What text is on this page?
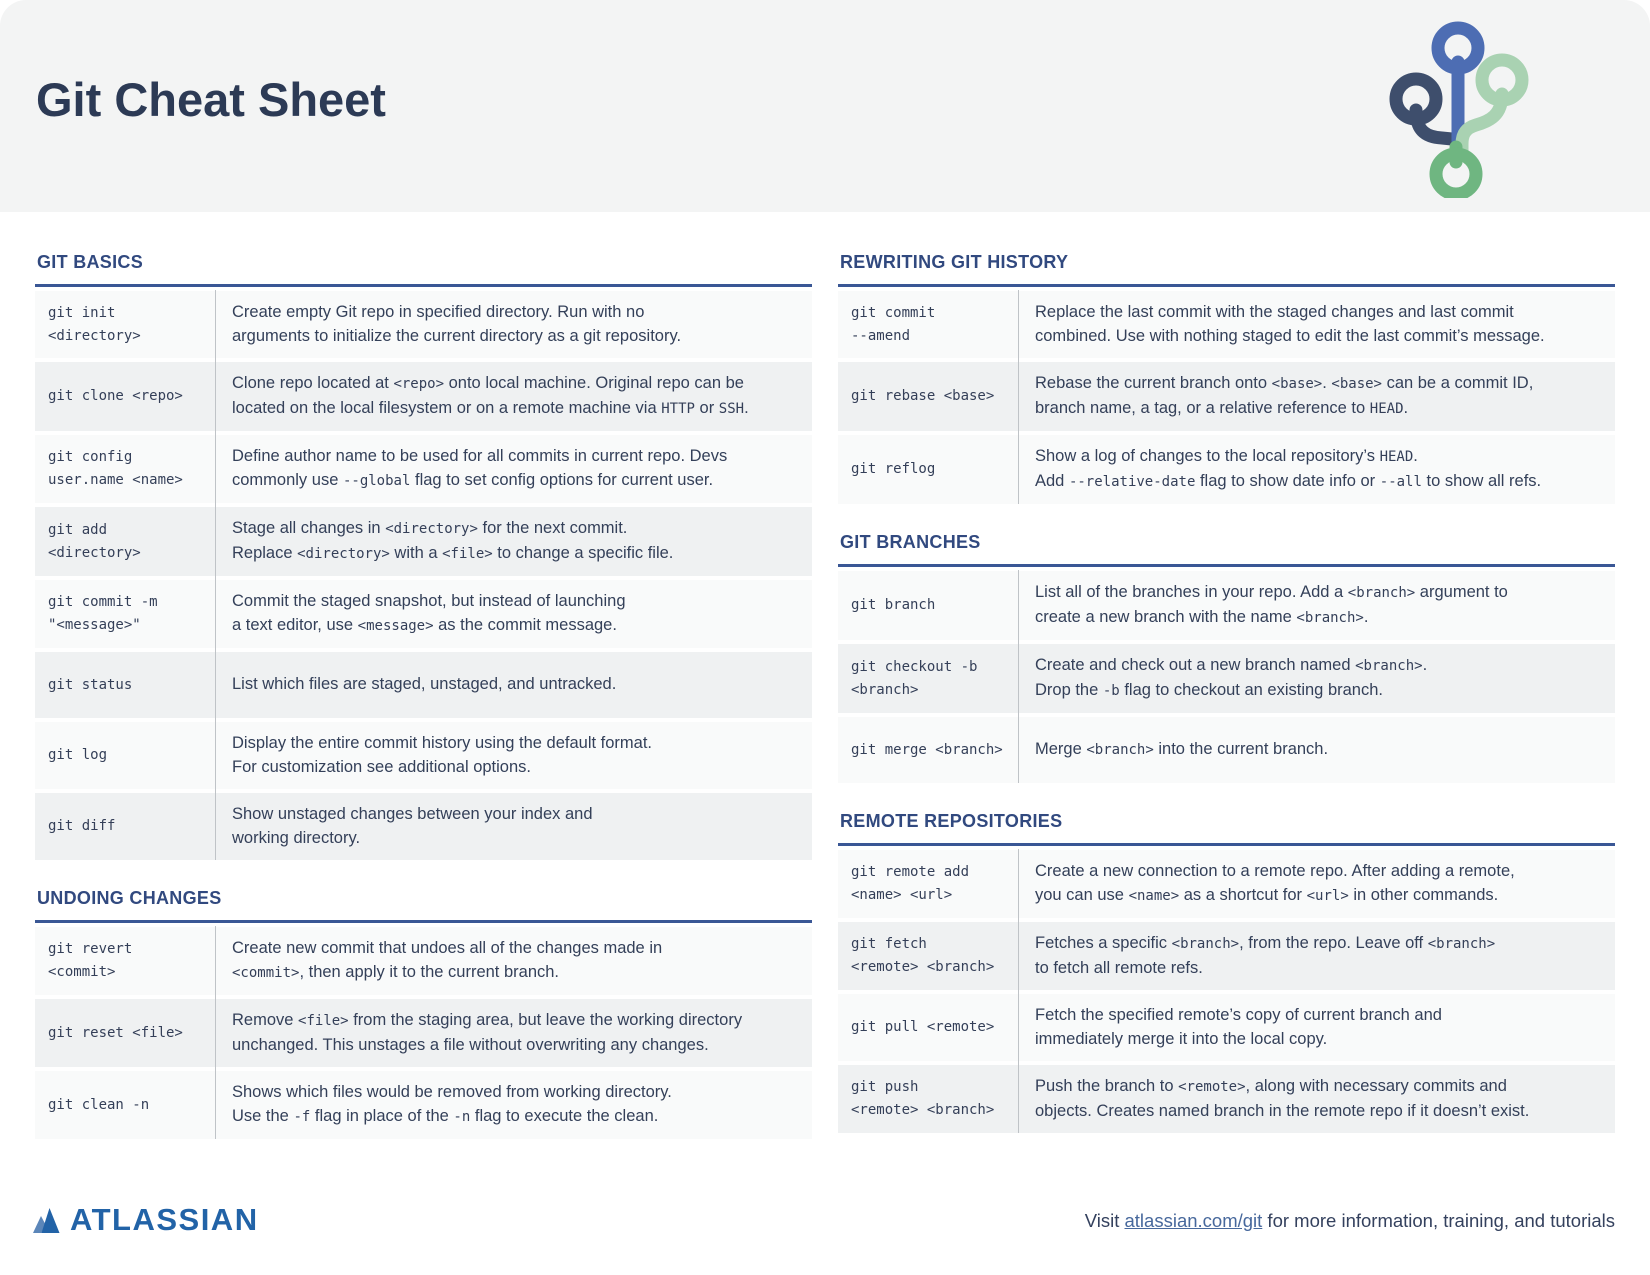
Git Cheat Sheet
GIT BASICS
git init
<directory>
Create empty Git repo in specified directory. Run with no
arguments to initialize the current directory as a git repository.
git clone <repo>
Clone repo located at <repo> onto local machine. Original repo can be
located on the local filesystem or on a remote machine via HTTP or SSH.
git config
user.name <name>
Define author name to be used for all commits in current repo. Devs
commonly use --global flag to set config options for current user.
git add
<directory>
Stage all changes in <directory> for the next commit.
Replace <directory> with a <file> to change a specific file.
git commit -m
"<message>"
Commit the staged snapshot, but instead of launching
a text editor, use <message> as the commit message.
git status	List which files are staged, unstaged, and untracked.
git log
Display the entire commit history using the default format.
For customization see additional options.
git diff
Show unstaged changes between your index and
working directory.
UNDOING CHANGES
git revert
<commit>
Create new commit that undoes all of the changes made in
<commit>, then apply it to the current branch.
git reset <file>
Remove <file> from the staging area, but leave the working directory
unchanged. This unstages a file without overwriting any changes.
git clean -n
Shows which files would be removed from working directory.
Use the -f flag in place of the -n flag to execute the clean.
REWRITING GIT HISTORY
git commit
--amend
Replace the last commit with the staged changes and last commit
combined. Use with nothing staged to edit the last commit’s message.
git rebase <base>
Rebase the current branch onto <base>. <base> can be a commit ID,
branch name, a tag, or a relative reference to HEAD.
git reflog
Show a log of changes to the local repository’s HEAD.
Add --relative-date flag to show date info or --all to show all refs.
GIT BRANCHES
git branch
List all of the branches in your repo. Add a <branch> argument to
create a new branch with the name <branch>.
git checkout -b
<branch>
Create and check out a new branch named <branch>.
Drop the -b flag to checkout an existing branch.
git merge <branch> Merge <branch> into the current branch.
REMOTE REPOSITORIES
git remote add
<name> <url>
Create a new connection to a remote repo. After adding a remote,
you can use <name> as a shortcut for <url> in other commands.
git fetch
<remote> <branch>
Fetches a specific <branch>, from the repo. Leave off <branch>
to fetch all remote refs.
git pull <remote>
Fetch the specified remote’s copy of current branch and
immediately merge it into the local copy.
git push
<remote> <branch>
Push the branch to <remote>, along with necessary commits and
objects. Creates named branch in the remote repo if it doesn’t exist.
ATLASSIAN	Visit atlassian.com/git for more information, training, and tutorials
